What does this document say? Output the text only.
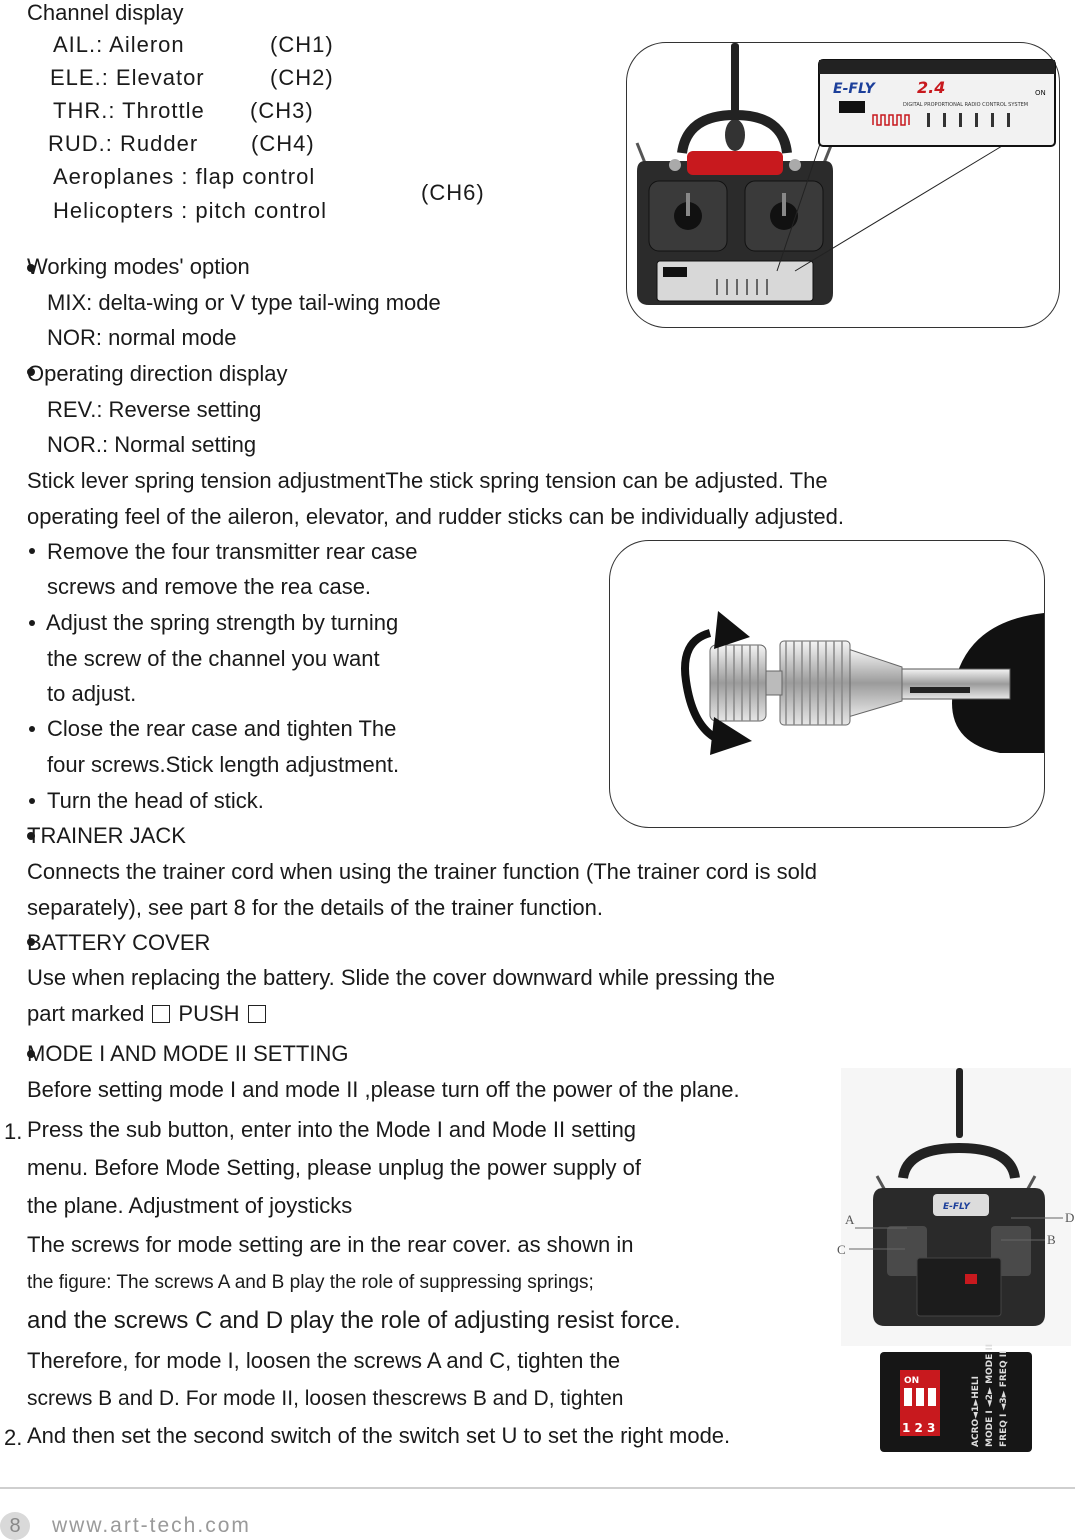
Channel display
AIL.: Aileron	(CH1)
ELE.: Elevator	(CH2)
THR.: Throttle (CH3)
RUD.: Rudder (CH4)
Aeroplanes : flap control
Helicopters : pitch control
(CH6)
E-FLY	2.4
DIGITAL PROPORTIONAL RADIO CONTROL SYSTEM
ON
Working modes' option
MIX: delta-wing or V type tail-wing mode
NOR: normal mode
Operating direction display
REV.: Reverse setting
NOR.: Normal setting
Stick lever spring tension adjustmentThe stick spring tension can be adjusted. The
operating feel of the aileron, elevator, and rudder sticks can be individually adjusted.
Remove the four transmitter rear case
screws and remove the rea case.
Adjust the spring strength by turning
the screw of the channel you want
to adjust.
Close the rear case and tighten The
four screws.Stick length adjustment.
Turn the head of stick.
TRAINER JACK
Connects the trainer cord when using the trainer function (The trainer cord is sold
separately), see part 8 for the details of the trainer function.
BATTERY COVER
Use when replacing the battery. Slide the cover downward while pressing the
part marked PUSH
MODE I AND MODE II SETTING
Before setting mode I and mode II ,please turn off the power of the plane.
1. Press the sub button, enter into the Mode I and Mode II setting
menu. Before Mode Setting, please unplug the power supply of
the plane. Adjustment of joysticks
The screws for mode setting are in the rear cover. as shown in
the figure: The screws A and B play the role of suppressing springs;
and the screws C and D play the role of adjusting resist force.
Therefore, for mode I, loosen the screws A and C, tighten the
screws B and D. For mode II, loosen thescrews B and D, tighten
2. And then set the second switch of the switch set U to set the right mode.
E-FLY
A
C
D
B
ON
1 2 3	ACRO◄1►HELI MODE I ◄2► MODE II FREQ I ◄3► FREQ II
8	www.art-tech.com
